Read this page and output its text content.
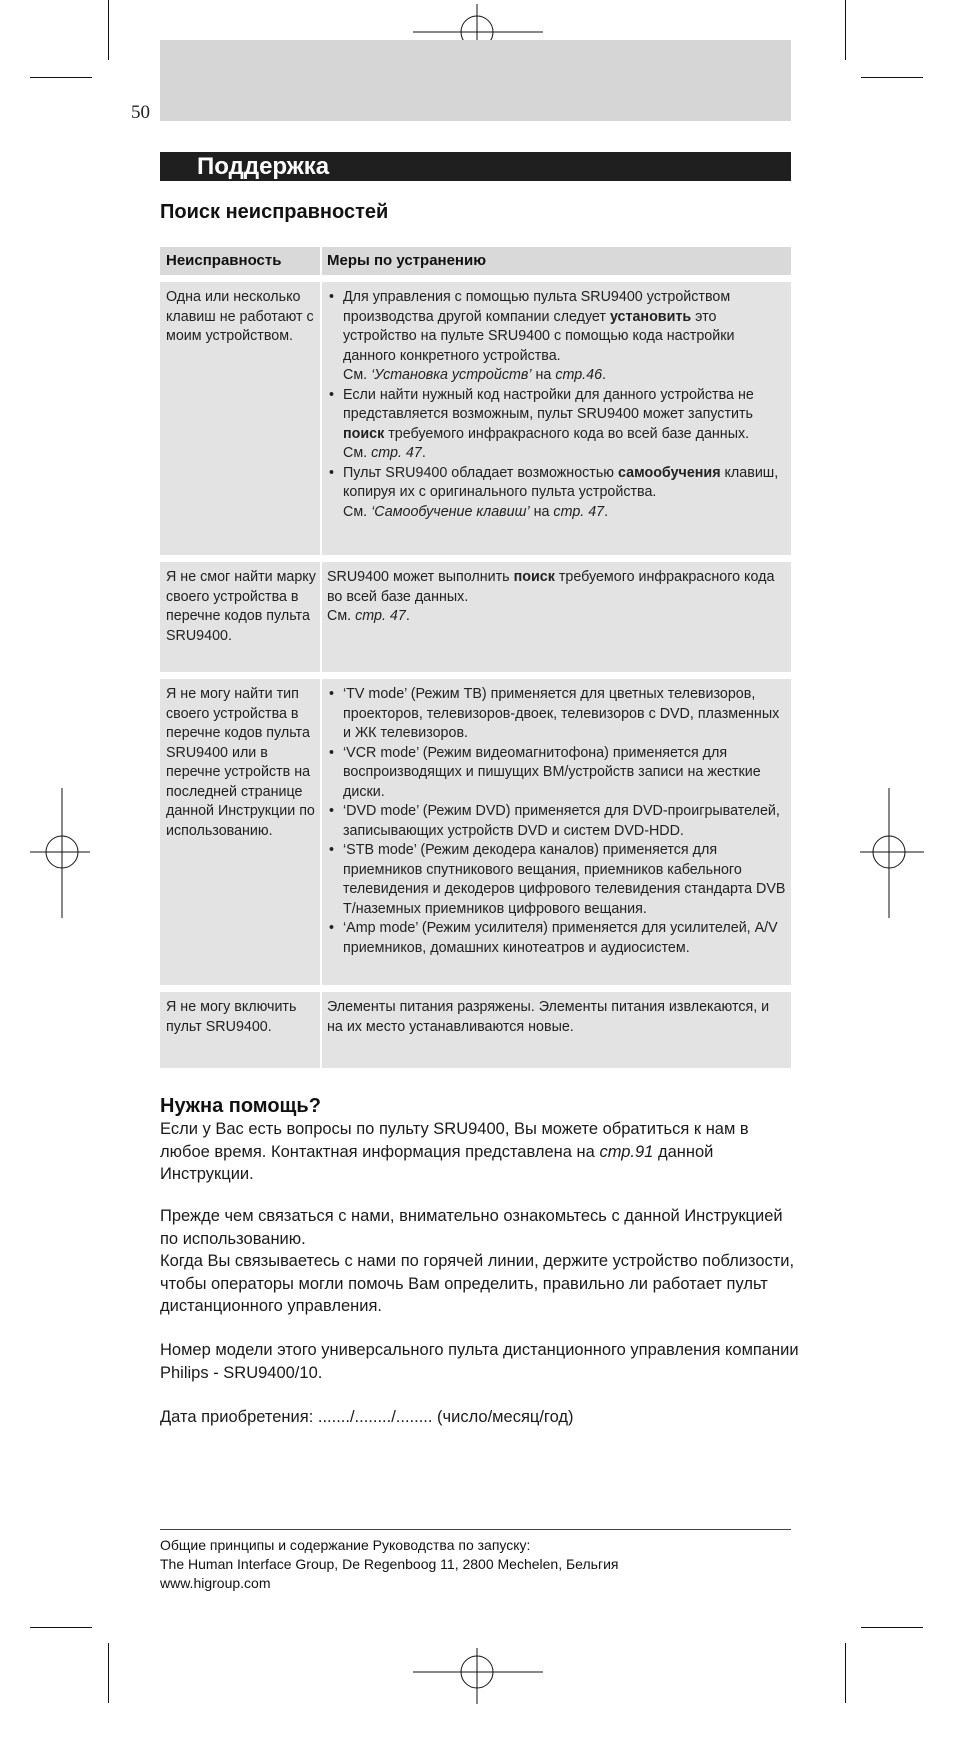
50
Поддержка
Поиск неисправностей
Неисправность	Меры по устранению
Одна или несколько клавиш не работают с моим устройством.
• Для управления с помощью пульта SRU9400 устройством производства другой компании следует установить это устройство на пульте SRU9400 с помощью кода настройки данного конкретного устройства.
См. ‘Установка устройств’ на стр.46.
• Если найти нужный код настройки для данного устройства не представляется возможным, пульт SRU9400 может запустить поиск требуемого инфракрасного кода во всей базе данных.
См. стр. 47.
• Пульт SRU9400 обладает возможностью самообучения клавиш, копируя их с оригинального пульта устройства.
См. ‘Самообучение клавиш’ на стр. 47.
Я не смог найти марку своего устройства в перечне кодов пульта SRU9400.
SRU9400 может выполнить поиск требуемого инфракрасного кода во всей базе данных.
См. стр. 47.
Я не могу найти тип своего устройства в перечне кодов пульта SRU9400 или в перечне устройств на последней странице данной Инструкции по использованию.
• ‘TV mode’ (Режим ТВ) применяется для цветных телевизоров, проекторов, телевизоров-двоек, телевизоров с DVD, плазменных и ЖК телевизоров.
• ‘VCR mode’ (Режим видеомагнитофона) применяется для воспроизводящих и пишущих ВМ/устройств записи на жесткие диски.
• ‘DVD mode’ (Режим DVD) применяется для DVD-проигрывателей, записывающих устройств DVD и систем DVD-HDD.
• ‘STB mode’ (Режим декодера каналов) применяется для приемников спутникового вещания, приемников кабельного телевидения и декодеров цифрового телевидения стандарта DVB T/наземных приемников цифрового вещания.
• ‘Amp mode’ (Режим усилителя) применяется для усилителей, A/V приемников, домашних кинотеатров и аудиосистем.
Я не могу включить пульт SRU9400.
Элементы питания разряжены. Элементы питания извлекаются, и на их место устанавливаются новые.
Нужна помощь?
Если у Вас есть вопросы по пульту SRU9400, Вы можете обратиться к нам в любое время. Контактная информация представлена на стр.91 данной Инструкции.
Прежде чем связаться с нами, внимательно ознакомьтесь с данной Инструкцией по использованию.
Когда Вы связываетесь с нами по горячей линии, держите устройство поблизости, чтобы операторы могли помочь Вам определить, правильно ли работает пульт дистанционного управления.
Номер модели этого универсального пульта дистанционного управления компании Philips - SRU9400/10.
Дата приобретения: ......./......../........ (число/месяц/год)
Общие принципы и содержание Руководства по запуску:
The Human Interface Group, De Regenboog 11, 2800 Mechelen, Бельгия
www.higroup.com
